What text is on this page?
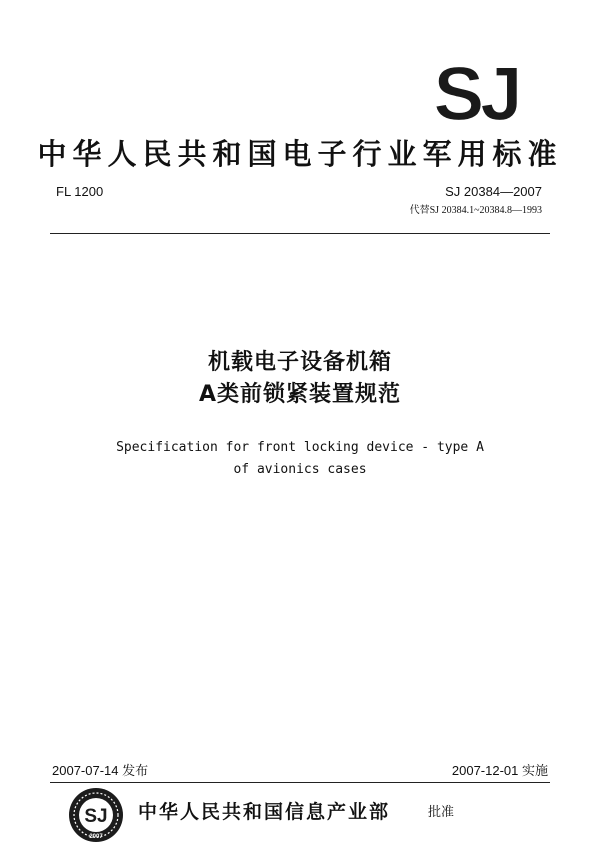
SJ
中华人民共和国电子行业军用标准
FL 1200	SJ 20384—2007
代替SJ 20384.1~20384.8—1993
机载电子设备机箱
A类前锁紧装置规范
Specification for front locking device - type A
of avionics cases
2007-07-14 发布	2007-12-01 实施
SJ
2007
中华人民共和国信息产业部	批准
